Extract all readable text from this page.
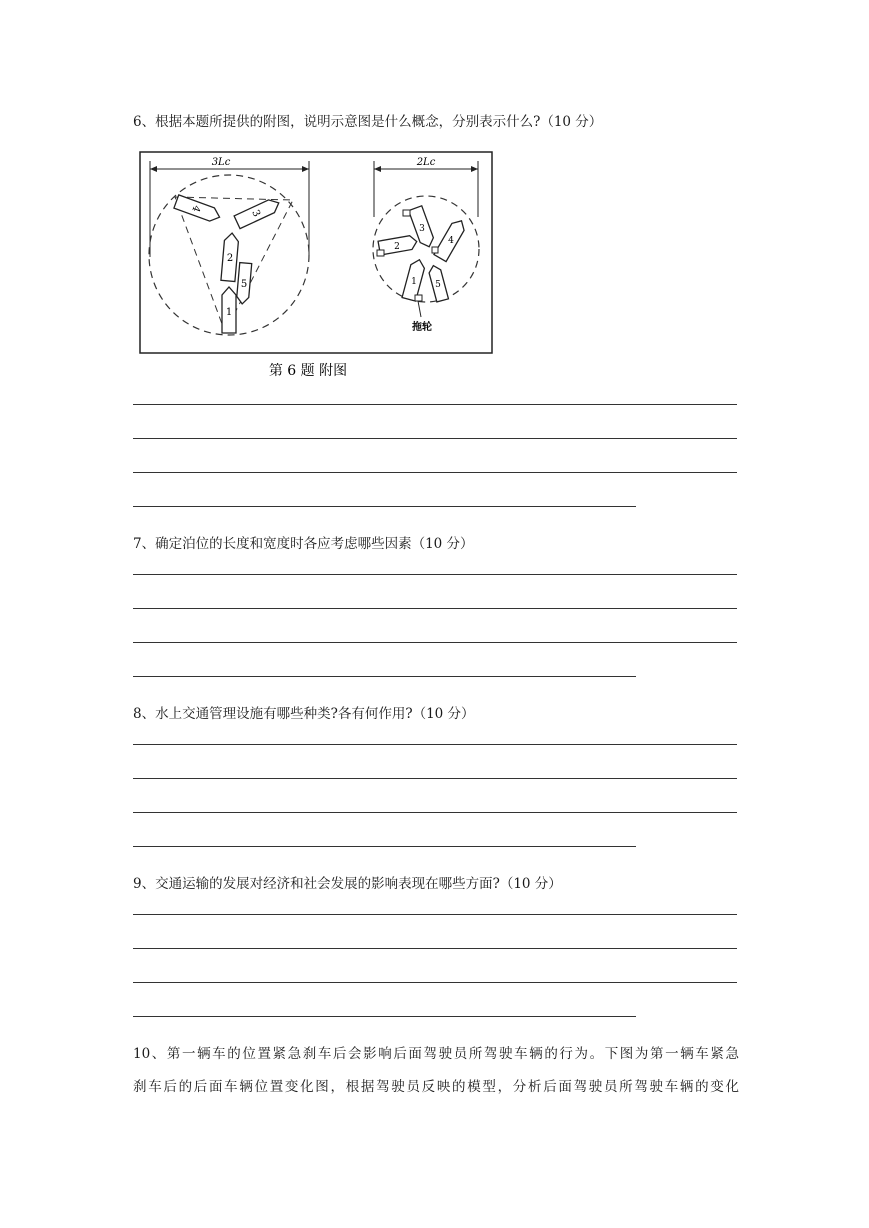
6、根据本题所提供的附图，说明示意图是什么概念，分别表示什么?（10 分）
3Lc
4	3
2
5
1
2Lc
3
4
2
1 5
拖轮
第 6 题 附图
7、确定泊位的长度和宽度时各应考虑哪些因素（10 分）
8、水上交通管理设施有哪些种类?各有何作用?（10 分）
9、交通运输的发展对经济和社会发展的影响表现在哪些方面?（10 分）
10、第一辆车的位置紧急刹车后会影响后面驾驶员所驾驶车辆的行为。下图为第一辆车紧急
刹车后的后面车辆位置变化图，根据驾驶员反映的模型，分析后面驾驶员所驾驶车辆的变化
